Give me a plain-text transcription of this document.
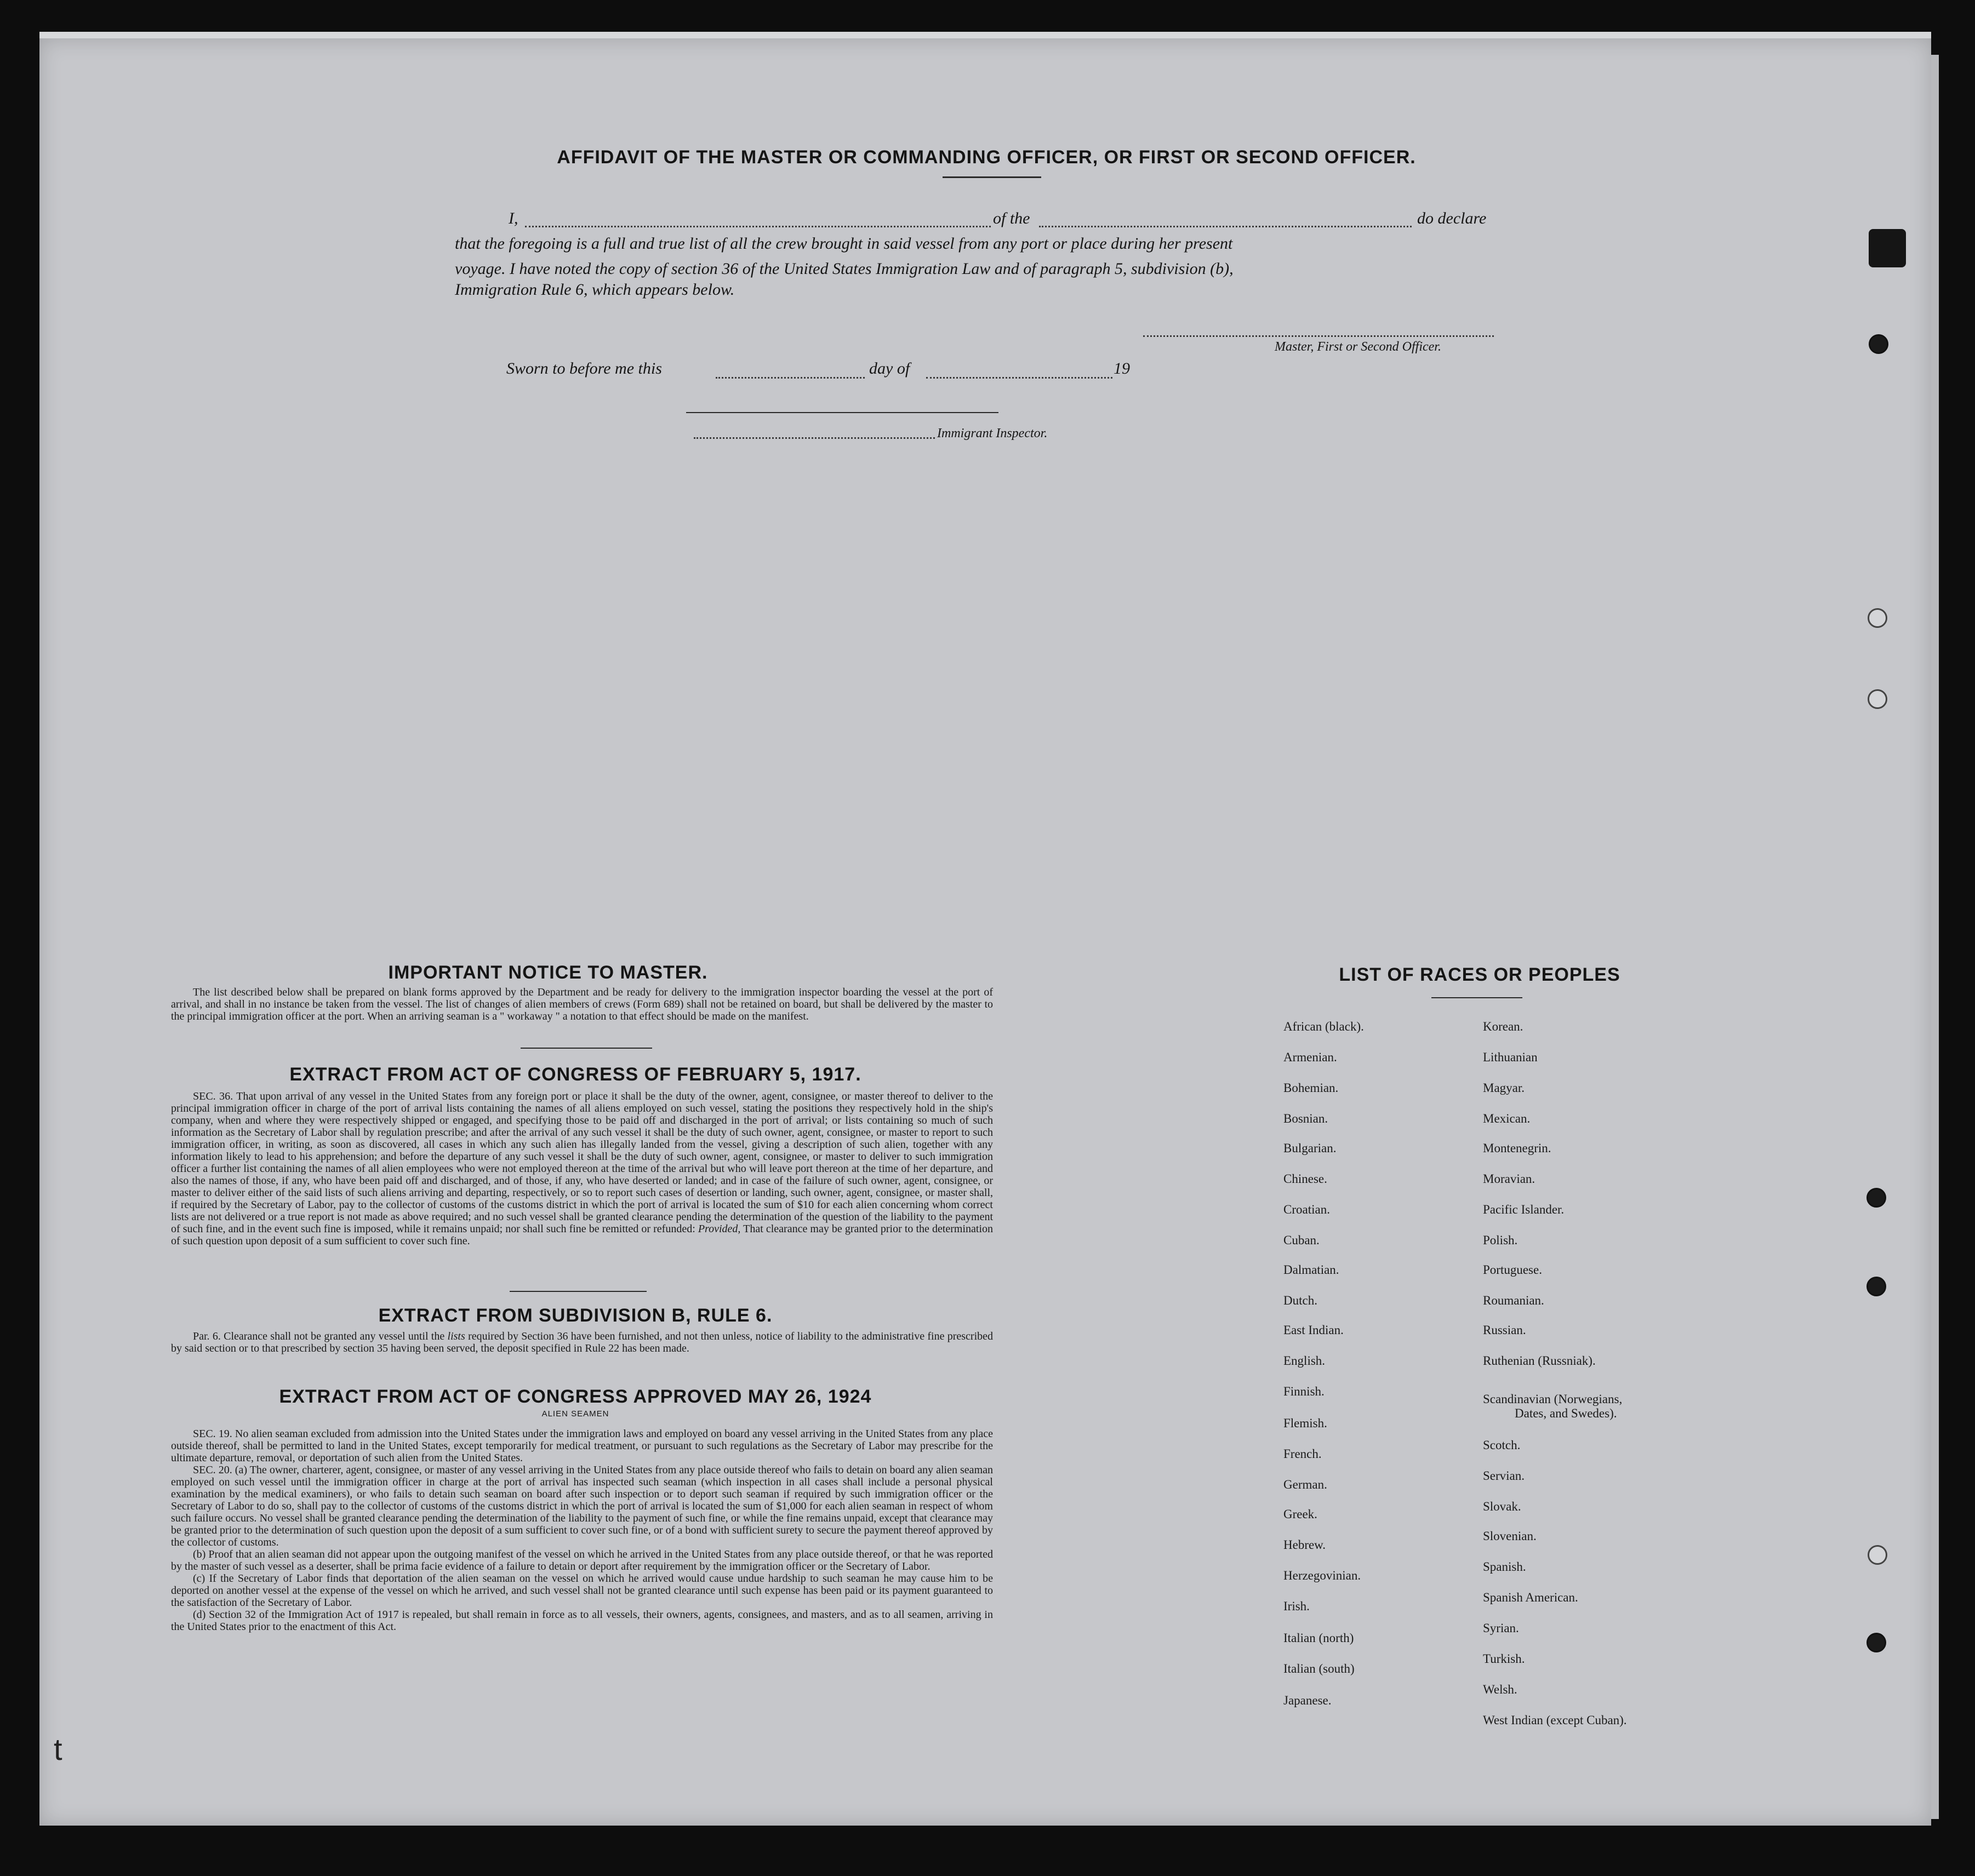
AFFIDAVIT OF THE MASTER OR COMMANDING OFFICER, OR FIRST OR SECOND OFFICER.
I,	of the	do declare
that the foregoing is a full and true list of all the crew brought in said vessel from any port or place during her present
voyage. I have noted the copy of section 36 of the United States Immigration Law and of paragraph 5, subdivision (b),
Immigration Rule 6, which appears below.
Master, First or Second Officer.
Sworn to before me this	day of	19
Immigrant Inspector.
IMPORTANT NOTICE TO MASTER.
The list described below shall be prepared on blank forms approved by the Department and be ready for delivery to the immigration inspector boarding the vessel at the port of arrival, and shall in no instance be taken from the vessel. The list of changes of alien members of crews (Form 689) shall not be retained on board, but shall be delivered by the master to the principal immigration officer at the port. When an arriving seaman is a " workaway " a notation to that effect should be made on the manifest.
EXTRACT FROM ACT OF CONGRESS OF FEBRUARY 5, 1917.
SEC. 36. That upon arrival of any vessel in the United States from any foreign port or place it shall be the duty of the owner, agent, consignee, or master thereof to deliver to the principal immigration officer in charge of the port of arrival lists containing the names of all aliens employed on such vessel, stating the positions they respectively hold in the ship's company, when and where they were respectively shipped or engaged, and specifying those to be paid off and discharged in the port of arrival; or lists containing so much of such information as the Secretary of Labor shall by regulation prescribe; and after the arrival of any such vessel it shall be the duty of such owner, agent, consignee, or master to report to such immigration officer, in writing, as soon as discovered, all cases in which any such alien has illegally landed from the vessel, giving a description of such alien, together with any information likely to lead to his apprehension; and before the departure of any such vessel it shall be the duty of such owner, agent, consignee, or master to deliver to such immigration officer a further list containing the names of all alien employees who were not employed thereon at the time of the arrival but who will leave port thereon at the time of her departure, and also the names of those, if any, who have been paid off and discharged, and of those, if any, who have deserted or landed; and in case of the failure of such owner, agent, consignee, or master to deliver either of the said lists of such aliens arriving and departing, respectively, or so to report such cases of desertion or landing, such owner, agent, consignee, or master shall, if required by the Secretary of Labor, pay to the collector of customs of the customs district in which the port of arrival is located the sum of $10 for each alien concerning whom correct lists are not delivered or a true report is not made as above required; and no such vessel shall be granted clearance pending the determination of the question of the liability to the payment of such fine, and in the event such fine is imposed, while it remains unpaid; nor shall such fine be remitted or refunded: Provided, That clearance may be granted prior to the determination of such question upon deposit of a sum sufficient to cover such fine.
EXTRACT FROM SUBDIVISION B, RULE 6.
Par. 6. Clearance shall not be granted any vessel until the lists required by Section 36 have been furnished, and not then unless, notice of liability to the administrative fine prescribed by said section or to that prescribed by section 35 having been served, the deposit specified in Rule 22 has been made.
EXTRACT FROM ACT OF CONGRESS APPROVED MAY 26, 1924
ALIEN SEAMEN
SEC. 19. No alien seaman excluded from admission into the United States under the immigration laws and employed on board any vessel arriving in the United States from any place outside thereof, shall be permitted to land in the United States, except temporarily for medical treatment, or pursuant to such regulations as the Secretary of Labor may prescribe for the ultimate departure, removal, or deportation of such alien from the United States.
SEC. 20. (a) The owner, charterer, agent, consignee, or master of any vessel arriving in the United States from any place outside thereof who fails to detain on board any alien seaman employed on such vessel until the immigration officer in charge at the port of arrival has inspected such seaman (which inspection in all cases shall include a personal physical examination by the medical examiners), or who fails to detain such seaman on board after such inspection or to deport such seaman if required by such immigration officer or the Secretary of Labor to do so, shall pay to the collector of customs of the customs district in which the port of arrival is located the sum of $1,000 for each alien seaman in respect of whom such failure occurs. No vessel shall be granted clearance pending the determination of the liability to the payment of such fine, or while the fine remains unpaid, except that clearance may be granted prior to the determination of such question upon the deposit of a sum sufficient to cover such fine, or of a bond with sufficient surety to secure the payment thereof approved by the collector of customs.
(b) Proof that an alien seaman did not appear upon the outgoing manifest of the vessel on which he arrived in the United States from any place outside thereof, or that he was reported by the master of such vessel as a deserter, shall be prima facie evidence of a failure to detain or deport after requirement by the immigration officer or the Secretary of Labor.
(c) If the Secretary of Labor finds that deportation of the alien seaman on the vessel on which he arrived would cause undue hardship to such seaman he may cause him to be deported on another vessel at the expense of the vessel on which he arrived, and such vessel shall not be granted clearance until such expense has been paid or its payment guaranteed to the satisfaction of the Secretary of Labor.
(d) Section 32 of the Immigration Act of 1917 is repealed, but shall remain in force as to all vessels, their owners, agents, consignees, and masters, and as to all seamen, arriving in the United States prior to the enactment of this Act.
LIST OF RACES OR PEOPLES
African (black).
Armenian.
Bohemian.
Bosnian.
Bulgarian.
Chinese.
Croatian.
Cuban.
Dalmatian.
Dutch.
East Indian.
English.
Finnish.
Flemish.
French.
German.
Greek.
Hebrew.
Herzegovinian.
Irish.
Italian (north)
Italian (south)
Japanese.
Korean.
Lithuanian
Magyar.
Mexican.
Montenegrin.
Moravian.
Pacific Islander.
Polish.
Portuguese.
Roumanian.
Russian.
Ruthenian (Russniak).
Scandinavian (Norwegians,
Dates, and Swedes).
Scotch.
Servian.
Slovak.
Slovenian.
Spanish.
Spanish American.
Syrian.
Turkish.
Welsh.
West Indian (except Cuban).
t
